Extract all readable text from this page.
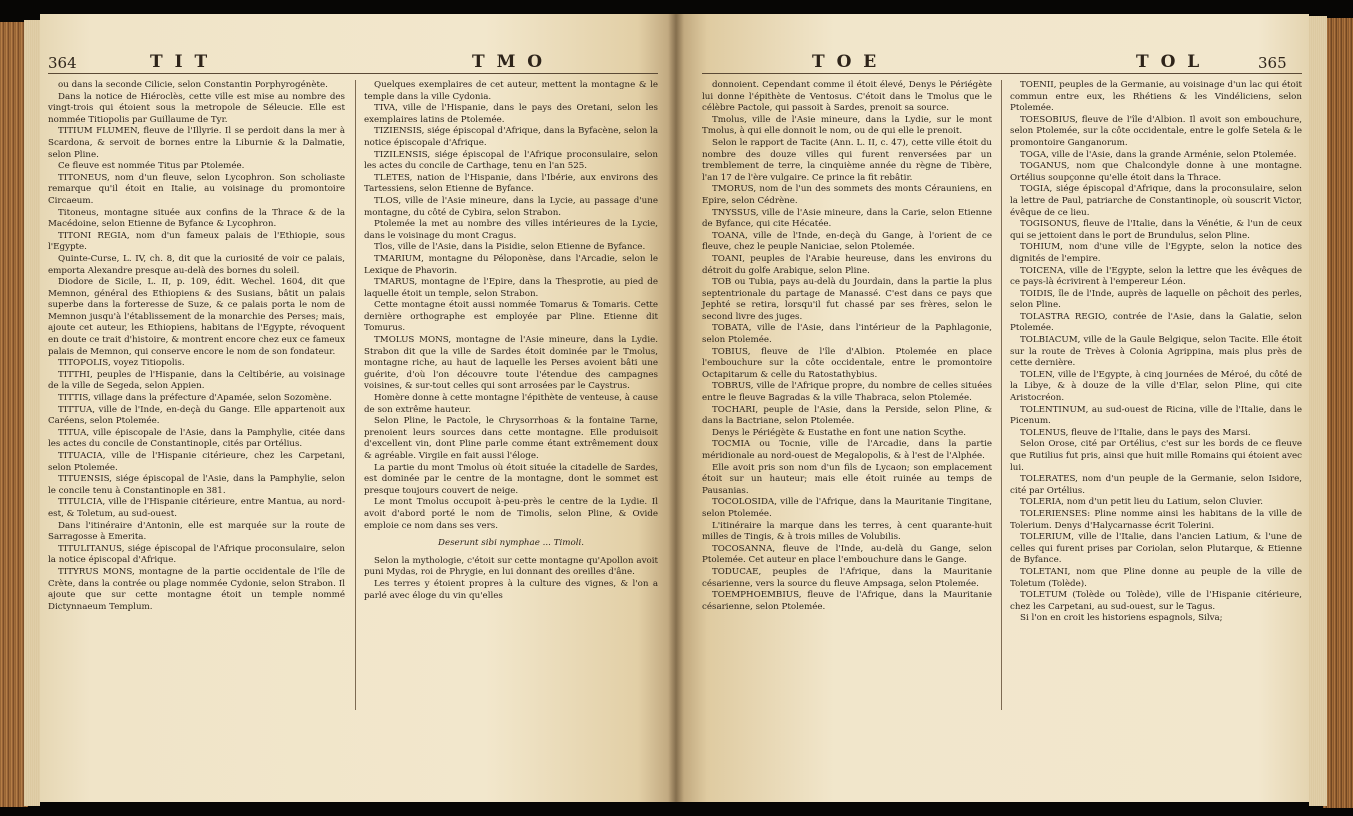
364	T I T	T M O

ou dans la seconde Cilicie, selon Constantin Porphyrogénète.

Dans la notice de Hiéroclès, cette ville est mise au nombre des vingt-trois qui étoient sous la metropole de Séleucie. Elle est nommée Titiopolis par Guillaume de Tyr.

TITIUM FLUMEN, fleuve de l'Illyrie. Il se perdoit dans la mer à Scardona, & servoit de bornes entre la Liburnie & la Dalmatie, selon Pline.

Ce fleuve est nommée Titus par Ptolemée.

TITONEUS, nom d'un fleuve, selon Lycophron. Son scholiaste remarque qu'il étoit en Italie, au voisinage du promontoire Circaeum.

Titoneus, montagne située aux confins de la Thrace & de la Macédoine, selon Etienne de Byfance & Lycophron.

TITONI REGIA, nom d'un fameux palais de l'Ethiopie, sous l'Egypte.

Quinte-Curse, L. IV, ch. 8, dit que la curiosité de voir ce palais, emporta Alexandre presque au-delà des bornes du soleil.

Diodore de Sicile, L. II, p. 109, édit. Wechel. 1604, dit que Memnon, général des Ethiopiens & des Susians, bâtit un palais superbe dans la forteresse de Suze, & ce palais porta le nom de Memnon jusqu'à l'établissement de la monarchie des Perses; mais, ajoute cet auteur, les Ethiopiens, habitans de l'Egypte, révoquent en doute ce trait d'histoire, & montrent encore chez eux ce fameux palais de Memnon, qui conserve encore le nom de son fondateur.

TITOPOLIS, voyez Titiopolis.

TITTHI, peuples de l'Hispanie, dans la Celtibérie, au voisinage de la ville de Segeda, selon Appien.

TITTIS, village dans la préfecture d'Apamée, selon Sozomène.

TITTUA, ville de l'Inde, en-deçà du Gange. Elle appartenoit aux Caréens, selon Ptolemée.

TITUA, ville épiscopale de l'Asie, dans la Pamphylie, citée dans les actes du concile de Constantinople, cités par Ortélius.

TITUACIA, ville de l'Hispanie citérieure, chez les Carpetani, selon Ptolemée.

TITUENSIS, siége épiscopal de l'Asie, dans la Pamphylie, selon le concile tenu à Constantinople en 381.

TITULCIA, ville de l'Hispanie citérieure, entre Mantua, au nord-est, & Toletum, au sud-ouest.

Dans l'itinéraire d'Antonin, elle est marquée sur la route de Sarragosse à Emerita.

TITULITANUS, siége épiscopal de l'Afrique proconsulaire, selon la notice épiscopal d'Afrique.

TITYRUS MONS, montagne de la partie occidentale de l'île de Crète, dans la contrée ou plage nommée Cydonie, selon Strabon. Il ajoute que sur cette montagne étoit un temple nommé Dictynnaeum Templum.

Quelques exemplaires de cet auteur, mettent la montagne & le temple dans la ville Cydonia.

TIVA, ville de l'Hispanie, dans le pays des Oretani, selon les exemplaires latins de Ptolemée.

TIZIENSIS, siége épiscopal d'Afrique, dans la Byfacène, selon la notice épiscopale d'Afrique.

TIZILENSIS, siége épiscopal de l'Afrique proconsulaire, selon les actes du concile de Carthage, tenu en l'an 525.

TLETES, nation de l'Hispanie, dans l'Ibérie, aux environs des Tartessiens, selon Etienne de Byfance.

TLOS, ville de l'Asie mineure, dans la Lycie, au passage d'une montagne, du côté de Cybira, selon Strabon.

Ptolemée la met au nombre des villes intérieures de la Lycie, dans le voisinage du mont Cragus.

Tlos, ville de l'Asie, dans la Pisidie, selon Etienne de Byfance.

TMARIUM, montagne du Péloponèse, dans l'Arcadie, selon le Lexique de Phavorin.

TMARUS, montagne de l'Epire, dans la Thesprotie, au pied de laquelle étoit un temple, selon Strabon.

Cette montagne étoit aussi nommée Tomarus & Tomaris. Cette dernière orthographe est employée par Pline. Etienne dit Tomurus.

TMOLUS MONS, montagne de l'Asie mineure, dans la Lydie. Strabon dit que la ville de Sardes étoit dominée par le Tmolus, montagne riche, au haut de laquelle les Perses avoient bâti une guérite, d'où l'on découvre toute l'étendue des campagnes voisines, & sur-tout celles qui sont arrosées par le Caystrus.

Homère donne à cette montagne l'épithète de venteuse, à cause de son extrême hauteur.

Selon Pline, le Pactole, le Chrysorrhoas & la fontaine Tarne, prenoient leurs sources dans cette montagne. Elle produisoit d'excellent vin, dont Pline parle comme étant extrêmement doux & agréable. Virgile en fait aussi l'éloge.

La partie du mont Tmolus où étoit située la citadelle de Sardes, est dominée par le centre de la montagne, dont le sommet est presque toujours couvert de neige.

Le mont Tmolus occupoit à-peu-près le centre de la Lydie. Il avoit d'abord porté le nom de Timolis, selon Pline, & Ovide emploie ce nom dans ses vers.

Deserunt sibi nymphae ... Timoli.

Selon la mythologie, c'étoit sur cette montagne qu'Apollon avoit puni Mydas, roi de Phrygie, en lui donnant des oreilles d'âne.

Les terres y étoient propres à la culture des vignes, & l'on a parlé avec éloge du vin qu'elles

T O E	T O L	365

donnoient. Cependant comme il étoit élevé, Denys le Périégète lui donne l'épithète de Ventosus. C'étoit dans le Tmolus que le célèbre Pactole, qui passoit à Sardes, prenoit sa source.

Tmolus, ville de l'Asie mineure, dans la Lydie, sur le mont Tmolus, à qui elle donnoit le nom, ou de qui elle le prenoit.

Selon le rapport de Tacite (Ann. L. II, c. 47), cette ville étoit du nombre des douze villes qui furent renversées par un tremblement de terre, la cinquième année du règne de Tibère, l'an 17 de l'ère vulgaire. Ce prince la fit rebâtir.

TMORUS, nom de l'un des sommets des monts Cérauniens, en Epire, selon Cédrène.

TNYSSUS, ville de l'Asie mineure, dans la Carie, selon Etienne de Byfance, qui cite Hécatée.

TOANA, ville de l'Inde, en-deçà du Gange, à l'orient de ce fleuve, chez le peuple Naniciae, selon Ptolemée.

TOANI, peuples de l'Arabie heureuse, dans les environs du détroit du golfe Arabique, selon Pline.

TOB ou Tubia, pays au-delà du Jourdain, dans la partie la plus septentrionale du partage de Manassé. C'est dans ce pays que Jephté se retira, lorsqu'il fut chassé par ses frères, selon le second livre des juges.

TOBATA, ville de l'Asie, dans l'intérieur de la Paphlagonie, selon Ptolemée.

TOBIUS, fleuve de l'île d'Albion. Ptolemée en place l'embouchure sur la côte occidentale, entre le promontoire Octapitarum & celle du Ratostathybius.

TOBRUS, ville de l'Afrique propre, du nombre de celles situées entre le fleuve Bagradas & la ville Thabraca, selon Ptolemée.

TOCHARI, peuple de l'Asie, dans la Perside, selon Pline, & dans la Bactriane, selon Ptolemée.

Denys le Périégète & Eustathe en font une nation Scythe.

TOCMIA ou Tocnie, ville de l'Arcadie, dans la partie méridionale au nord-ouest de Megalopolis, & à l'est de l'Alphée.

Elle avoit pris son nom d'un fils de Lycaon; son emplacement étoit sur un hauteur; mais elle étoit ruinée au temps de Pausanias.

TOCOLOSIDA, ville de l'Afrique, dans la Mauritanie Tingitane, selon Ptolemée.

L'itinéraire la marque dans les terres, à cent quarante-huit milles de Tingis, & à trois milles de Volubilis.

TOCOSANNA, fleuve de l'Inde, au-delà du Gange, selon Ptolemée. Cet auteur en place l'embouchure dans le Gange.

TODUCAE, peuples de l'Afrique, dans la Mauritanie césarienne, vers la source du fleuve Ampsaga, selon Ptolemée.

TOEMPHOEMBIUS, fleuve de l'Afrique, dans la Mauritanie césarienne, selon Ptolemée.

TOENII, peuples de la Germanie, au voisinage d'un lac qui étoit commun entre eux, les Rhétiens & les Vindéliciens, selon Ptolemée.

TOESOBIUS, fleuve de l'île d'Albion. Il avoit son embouchure, selon Ptolemée, sur la côte occidentale, entre le golfe Setela & le promontoire Ganganorum.

TOGA, ville de l'Asie, dans la grande Arménie, selon Ptolemée.

TOGANUS, nom que Chalcondyle donne à une montagne. Ortélius soupçonne qu'elle étoit dans la Thrace.

TOGIA, siége épiscopal d'Afrique, dans la proconsulaire, selon la lettre de Paul, patriarche de Constantinople, où souscrit Victor, évêque de ce lieu.

TOGISONUS, fleuve de l'Italie, dans la Vénétie, & l'un de ceux qui se jettoient dans le port de Brundulus, selon Pline.

TOHIUM, nom d'une ville de l'Egypte, selon la notice des dignités de l'empire.

TOICENA, ville de l'Egypte, selon la lettre que les évêques de ce pays-là écrivirent à l'empereur Léon.

TOIDIS, île de l'Inde, auprès de laquelle on pêchoit des perles, selon Pline.

TOLASTRA REGIO, contrée de l'Asie, dans la Galatie, selon Ptolemée.

TOLBIACUM, ville de la Gaule Belgique, selon Tacite. Elle étoit sur la route de Trèves à Colonia Agrippina, mais plus près de cette dernière.

TOLEN, ville de l'Egypte, à cinq journées de Méroé, du côté de la Libye, & à douze de la ville d'Elar, selon Pline, qui cite Aristocréon.

TOLENTINUM, au sud-ouest de Ricina, ville de l'Italie, dans le Picenum.

TOLENUS, fleuve de l'Italie, dans le pays des Marsi.

Selon Orose, cité par Ortélius, c'est sur les bords de ce fleuve que Rutilius fut pris, ainsi que huit mille Romains qui étoient avec lui.

TOLERATES, nom d'un peuple de la Germanie, selon Isidore, cité par Ortélius.

TOLERIA, nom d'un petit lieu du Latium, selon Cluvier.

TOLERIENSES: Pline nomme ainsi les habitans de la ville de Tolerium. Denys d'Halycarnasse écrit Tolerini.

TOLERIUM, ville de l'Italie, dans l'ancien Latium, & l'une de celles qui furent prises par Coriolan, selon Plutarque, & Etienne de Byfance.

TOLETANI, nom que Pline donne au peuple de la ville de Toletum (Tolède).

TOLETUM (Tolède ou Tolède), ville de l'Hispanie citérieure, chez les Carpetani, au sud-ouest, sur le Tagus.

Si l'on en croit les historiens espagnols, Silva;
